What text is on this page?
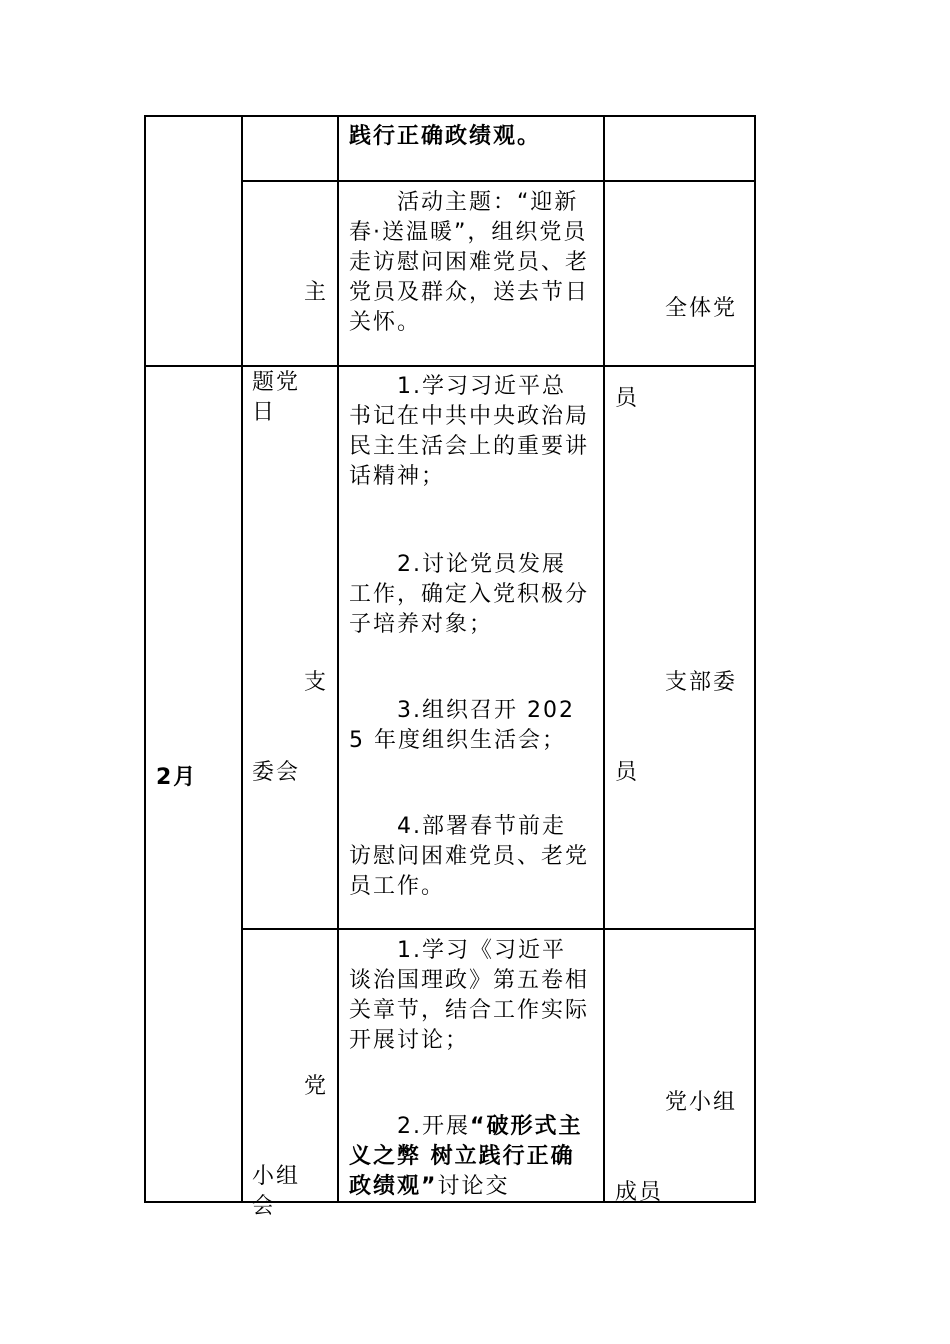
践行正确政绩观。

主

题党日

活动主题：“迎新春·送温暖”，组织党员走访慰问困难党员、老党员及群众，送去节日关怀。

全体党

员

2月

支

委会

1.学习习近平总书记在中共中央政治局民主生活会上的重要讲话精神；
2.讨论党员发展工作，确定入党积极分子培养对象；
3.组织召开 2025 年度组织生活会；
4.部署春节前走访慰问困难党员、老党员工作。

支部委

员

党

小组会

1.学习《习近平谈治国理政》第五卷相关章节，结合工作实际开展讨论；
2.开展“破形式主义之弊 树立践行正确政绩观”讨论交

党小组

成员
